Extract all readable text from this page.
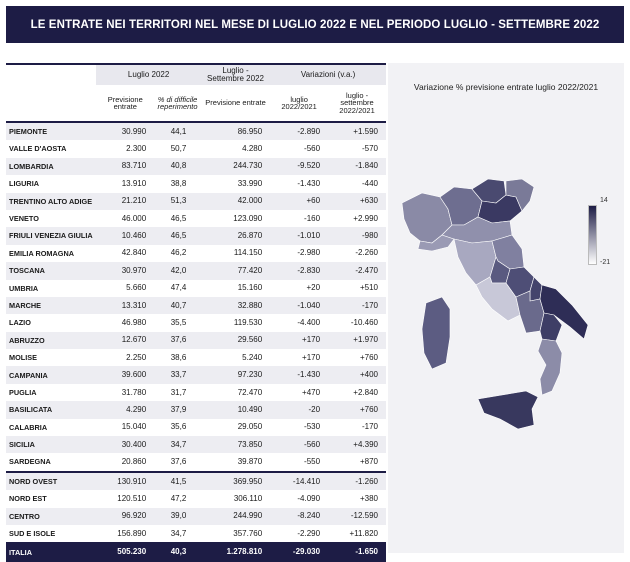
LE ENTRATE NEI TERRITORI NEL MESE DI LUGLIO 2022 E NEL PERIODO LUGLIO - SETTEMBRE 2022
	Luglio 2022		Luglio - Settembre 2022	Variazioni (v.a.)	
	Previsione entrate	% di difficile reperimento	Previsione entrate	luglio 2022/2021	luglio - settembre 2022/2021
PIEMONTE	30.990	44,1	86.950	-2.890	+1.590
VALLE D'AOSTA	2.300	50,7	4.280	-560	-570
LOMBARDIA	83.710	40,8	244.730	-9.520	-1.840
LIGURIA	13.910	38,8	33.990	-1.430	-440
TRENTINO ALTO ADIGE	21.210	51,3	42.000	+60	+630
VENETO	46.000	46,5	123.090	-160	+2.990
FRIULI VENEZIA GIULIA	10.460	46,5	26.870	-1.010	-980
EMILIA ROMAGNA	42.840	46,2	114.150	-2.980	-2.260
TOSCANA	30.970	42,0	77.420	-2.830	-2.470
UMBRIA	5.660	47,4	15.160	+20	+510
MARCHE	13.310	40,7	32.880	-1.040	-170
LAZIO	46.980	35,5	119.530	-4.400	-10.460
ABRUZZO	12.670	37,6	29.560	+170	+1.970
MOLISE	2.250	38,6	5.240	+170	+760
CAMPANIA	39.600	33,7	97.230	-1.430	+400
PUGLIA	31.780	31,7	72.470	+470	+2.840
BASILICATA	4.290	37,9	10.490	-20	+760
CALABRIA	15.040	35,6	29.050	-530	-170
SICILIA	30.400	34,7	73.850	-560	+4.390
SARDEGNA	20.860	37,6	39.870	-550	+870
NORD OVEST	130.910	41,5	369.950	-14.410	-1.260
NORD EST	120.510	47,2	306.110	-4.090	+380
CENTRO	96.920	39,0	244.990	-8.240	-12.590
SUD E ISOLE	156.890	34,7	357.760	-2.290	+11.820
ITALIA	505.230	40,3	1.278.810	-29.030	-1.650
Variazione % previsione entrate luglio 2022/2021
14
-21
